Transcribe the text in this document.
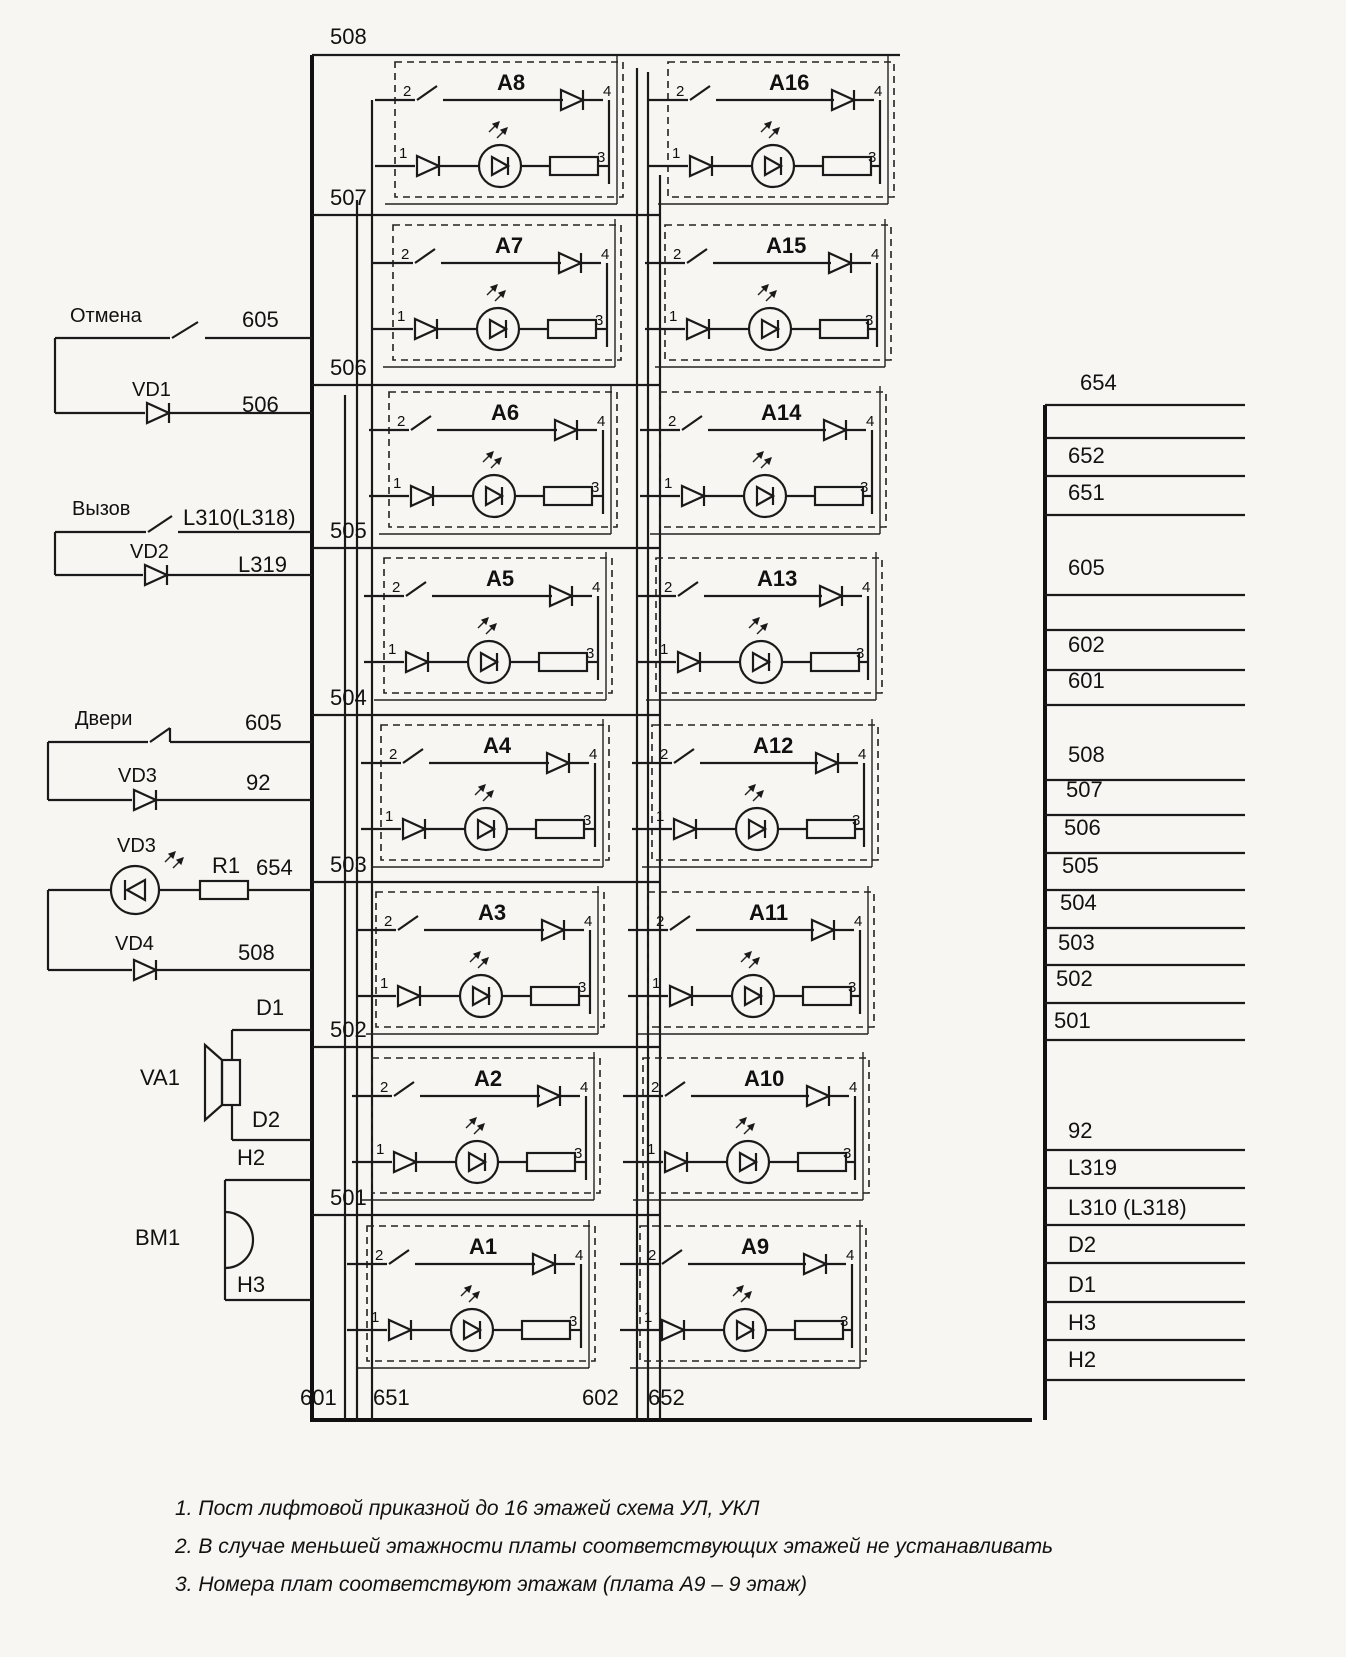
508
601 651	602 652
2	4
A8
1	3
2	4
A7
1	3
2	4
A6
1	3
2	4
A5
1	3
2	4
A4
1	3
2	4
A3
1	3
2	4
A2
1	3
2	4
A1
1	3
2	4
A16
1	3
2	4
A15
1	3
2	4
A14
1	3
2	4
A13
1	3
2	4
A12
1	3
2	4
A11
1	3
2	4
A10
1	3
2	4
A9
1	3
507
506
505
504
503
502
501
Отмена	605
VD1
506
Вызов L310(L318)
VD2	L319
Двери	605
VD3	92
VD3
R1 654
VD4	508
D1
VA1
D2
H2
BM1
H3
654
652
651
605
602
601
508
507
506
505
504
503
502
501
92
L319
L310 (L318)
D2
D1
H3
H2
1. Пост лифтовой приказной до 16 этажей схема УЛ, УКЛ
2. В случае меньшей этажности платы соответствующих этажей не устанавливать
3. Номера плат соответствуют этажам (плата А9 – 9 этаж)
